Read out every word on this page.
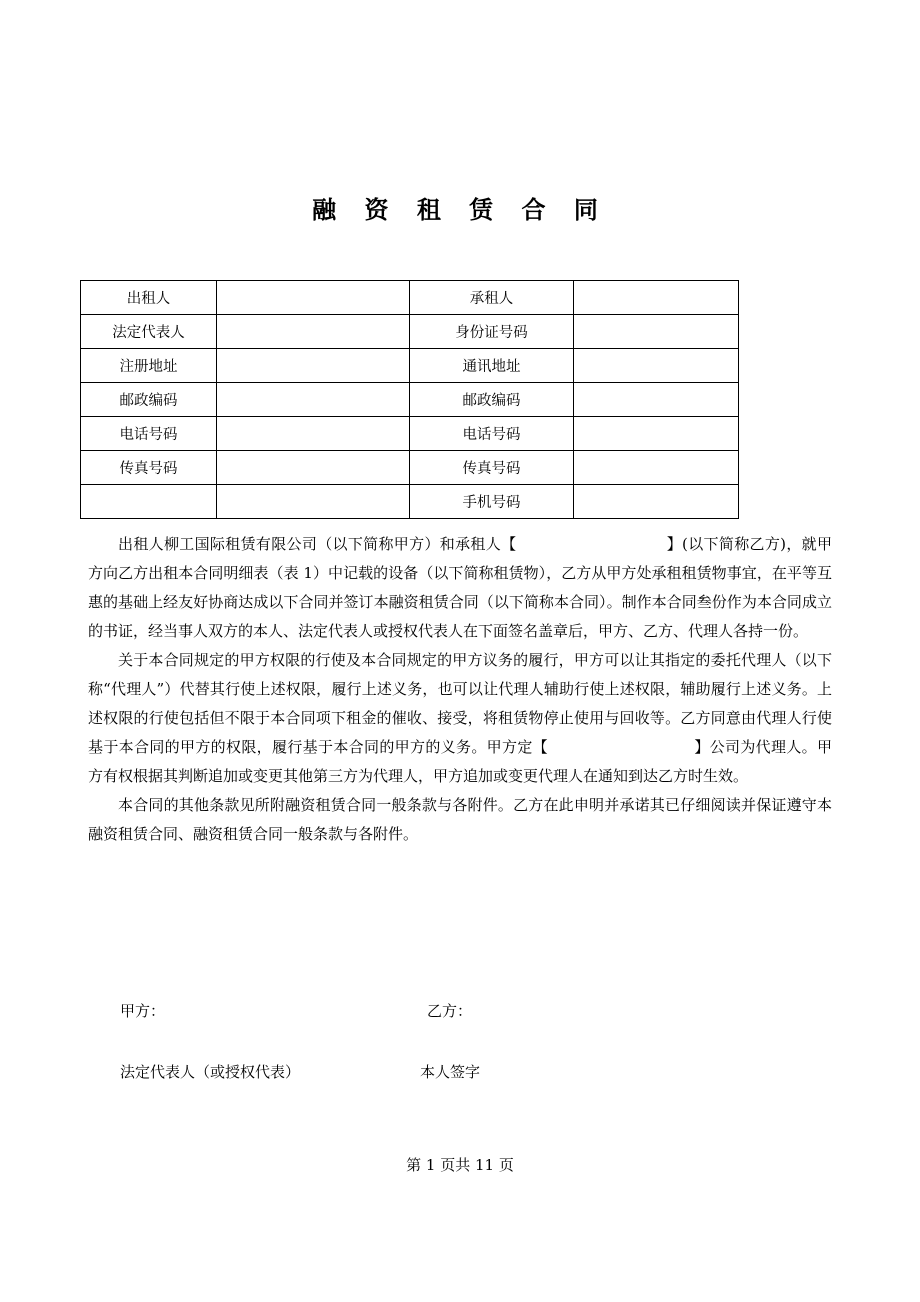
融 资 租 赁 合 同
出租人		承租人	
法定代表人		身份证号码	
注册地址		通讯地址	
邮政编码		邮政编码	
电话号码		电话号码	
传真号码		传真号码	
		手机号码	

出租人柳工国际租赁有限公司（以下简称甲方）和承租人【	】(以下简称乙方)，就甲方向乙方出租本合同明细表（表 1）中记载的设备（以下简称租赁物），乙方从甲方处承租租赁物事宜，在平等互惠的基础上经友好协商达成以下合同并签订本融资租赁合同（以下简称本合同）。制作本合同叁份作为本合同成立的书证，经当事人双方的本人、法定代表人或授权代表人在下面签名盖章后，甲方、乙方、代理人各持一份。

关于本合同规定的甲方权限的行使及本合同规定的甲方议务的履行，甲方可以让其指定的委托代理人（以下称“代理人”）代替其行使上述权限，履行上述义务，也可以让代理人辅助行使上述权限，辅助履行上述义务。上述权限的行使包括但不限于本合同项下租金的催收、接受，将租赁物停止使用与回收等。乙方同意由代理人行使基于本合同的甲方的权限，履行基于本合同的甲方的义务。甲方定【	】公司为代理人。甲方有权根据其判断追加或变更其他第三方为代理人，甲方追加或变更代理人在通知到达乙方时生效。

本合同的其他条款见所附融资租赁合同一般条款与各附件。乙方在此申明并承诺其已仔细阅读并保证遵守本融资租赁合同、融资租赁合同一般条款与各附件。

甲方：	乙方：
法定代表人（或授权代表）	本人签字
第 1 页共 11 页
